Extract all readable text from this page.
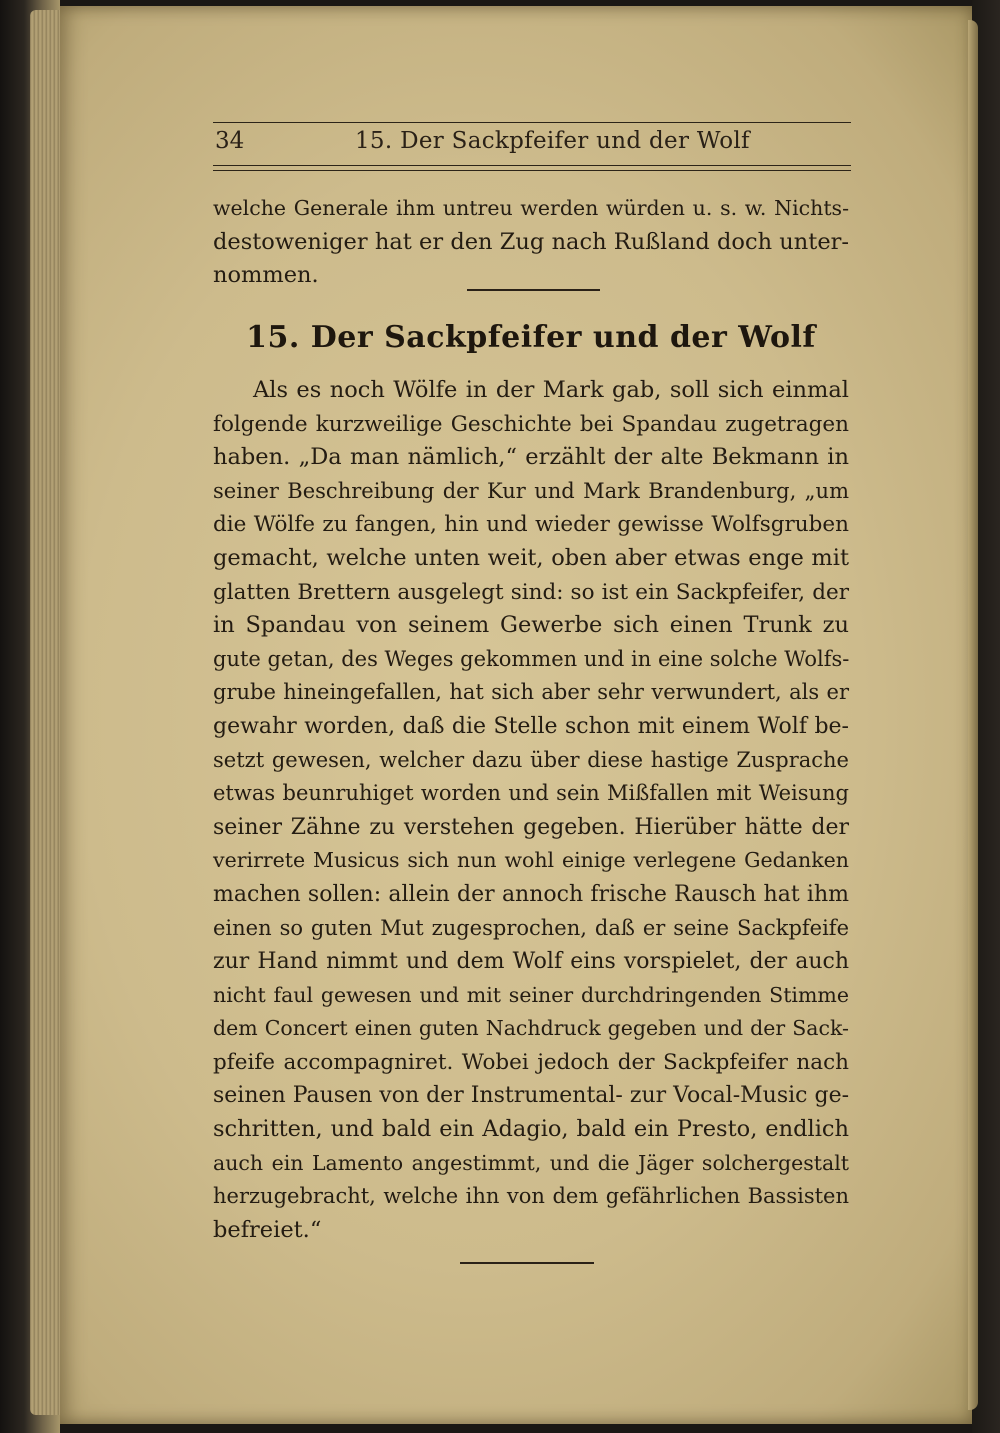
34	15. Der Sackpfeifer und der Wolf
welche Generale ihm untreu werden würden u. s. w. Nichts-
destoweniger hat er den Zug nach Rußland doch unter-
nommen.
15. Der Sackpfeifer und der Wolf
Als es noch Wölfe in der Mark gab, soll sich einmal
folgende kurzweilige Geschichte bei Spandau zugetragen
haben. „Da man nämlich,“ erzählt der alte Bekmann in
seiner Beschreibung der Kur und Mark Brandenburg, „um
die Wölfe zu fangen, hin und wieder gewisse Wolfsgruben
gemacht, welche unten weit, oben aber etwas enge mit
glatten Brettern ausgelegt sind: so ist ein Sackpfeifer, der
in Spandau von seinem Gewerbe sich einen Trunk zu
gute getan, des Weges gekommen und in eine solche Wolfs-
grube hineingefallen, hat sich aber sehr verwundert, als er
gewahr worden, daß die Stelle schon mit einem Wolf be-
setzt gewesen, welcher dazu über diese hastige Zusprache
etwas beunruhiget worden und sein Mißfallen mit Weisung
seiner Zähne zu verstehen gegeben. Hierüber hätte der
verirrete Musicus sich nun wohl einige verlegene Gedanken
machen sollen: allein der annoch frische Rausch hat ihm
einen so guten Mut zugesprochen, daß er seine Sackpfeife
zur Hand nimmt und dem Wolf eins vorspielet, der auch
nicht faul gewesen und mit seiner durchdringenden Stimme
dem Concert einen guten Nachdruck gegeben und der Sack-
pfeife accompagniret. Wobei jedoch der Sackpfeifer nach
seinen Pausen von der Instrumental- zur Vocal-Music ge-
schritten, und bald ein Adagio, bald ein Presto, endlich
auch ein Lamento angestimmt, und die Jäger solchergestalt
herzugebracht, welche ihn von dem gefährlichen Bassisten
befreiet.“
